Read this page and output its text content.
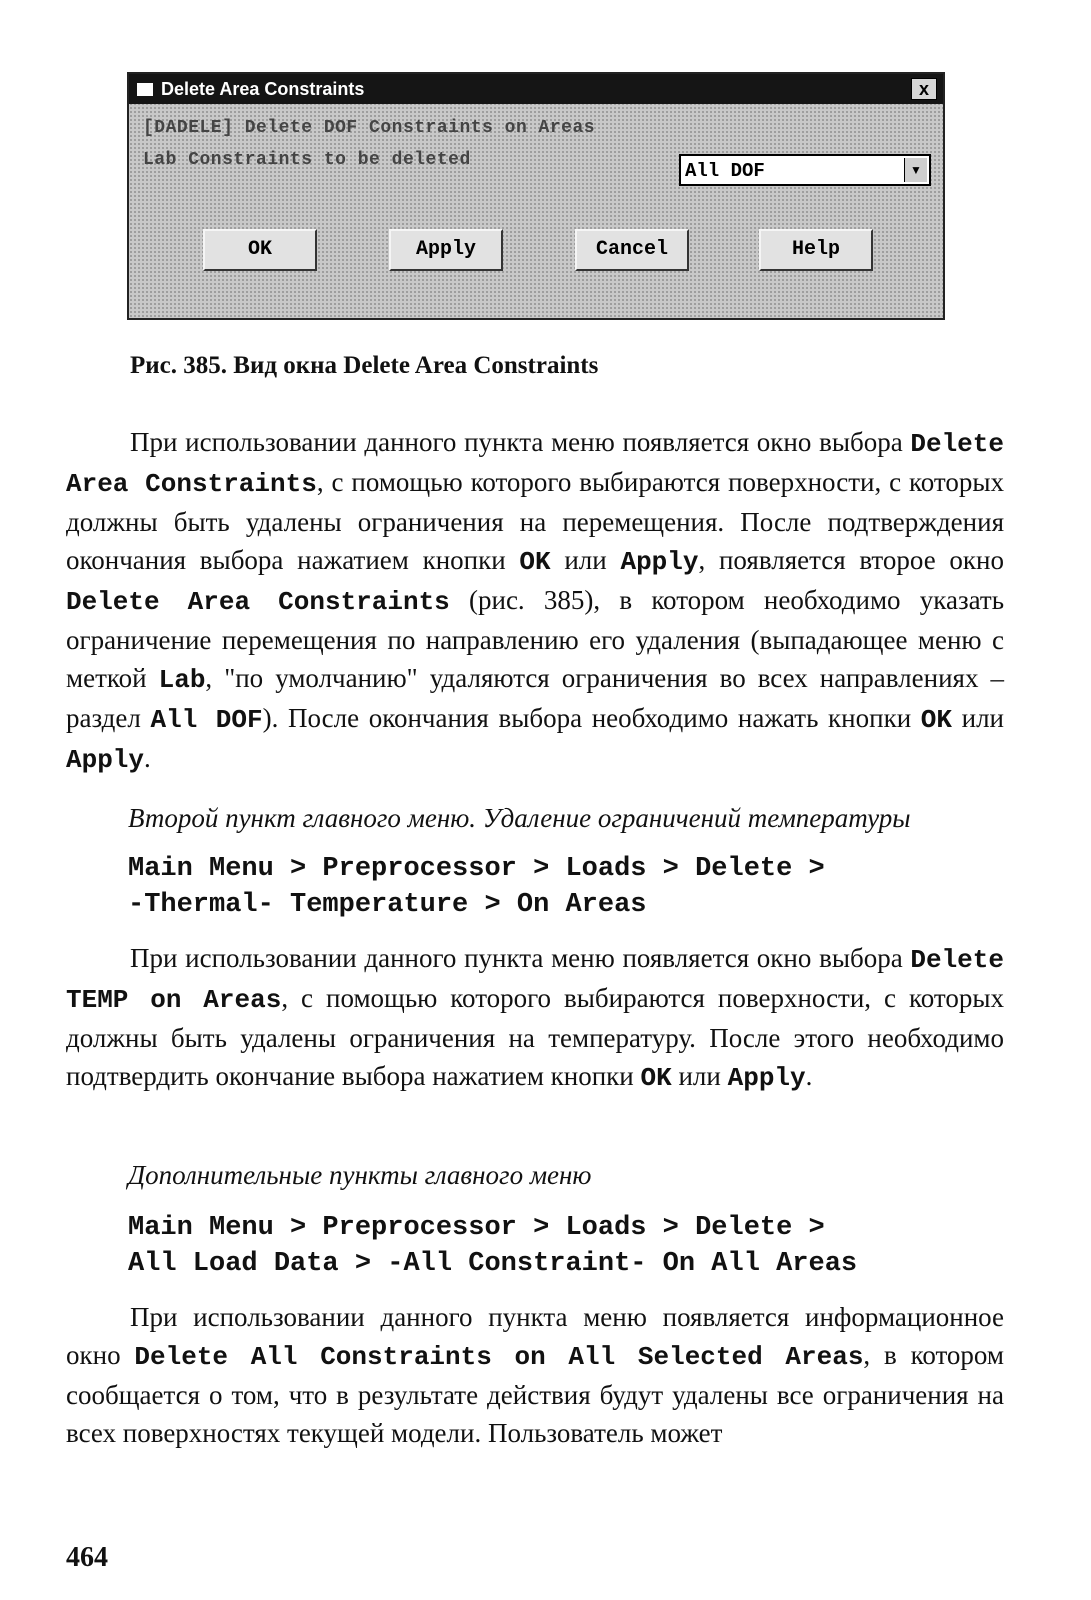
Delete Area Constraints	x
[DADELE] Delete DOF Constraints on Areas
Lab Constraints to be deleted	All DOF	▼
OK	Apply	Cancel	Help
Рис. 385. Вид окна Delete Area Constraints

При использовании данного пункта меню появляется окно выбора Delete Area Constraints, с помощью которого выбираются поверхности, с которых должны быть удалены ограничения на перемещения. После подтверждения окончания выбора нажатием кнопки OK или Apply, появляется второе окно Delete Area Constraints (рис. 385), в котором необходимо указать ограничение перемещения по направлению его удаления (выпадающее меню с меткой Lab, "по умолчанию" удаляются ограничения во всех направлениях – раздел All DOF). После окончания выбора необходимо нажать кнопки OK или Apply.

Второй пункт главного меню. Удаление ограничений температуры
Main Menu > Preprocessor > Loads > Delete >
-Thermal- Temperature > On Areas

При использовании данного пункта меню появляется окно выбора Delete TEMP on Areas, с помощью которого выбираются поверхности, с которых должны быть удалены ограничения на температуру. После этого необходимо подтвердить окончание выбора нажатием кнопки OK или Apply.

Дополнительные пункты главного меню
Main Menu > Preprocessor > Loads > Delete >
All Load Data > -All Constraint- On All Areas

При использовании данного пункта меню появляется информационное окно Delete All Constraints on All Selected Areas, в котором сообщается о том, что в результате действия будут удалены все ограничения на всех поверхностях текущей модели. Пользователь может

464
